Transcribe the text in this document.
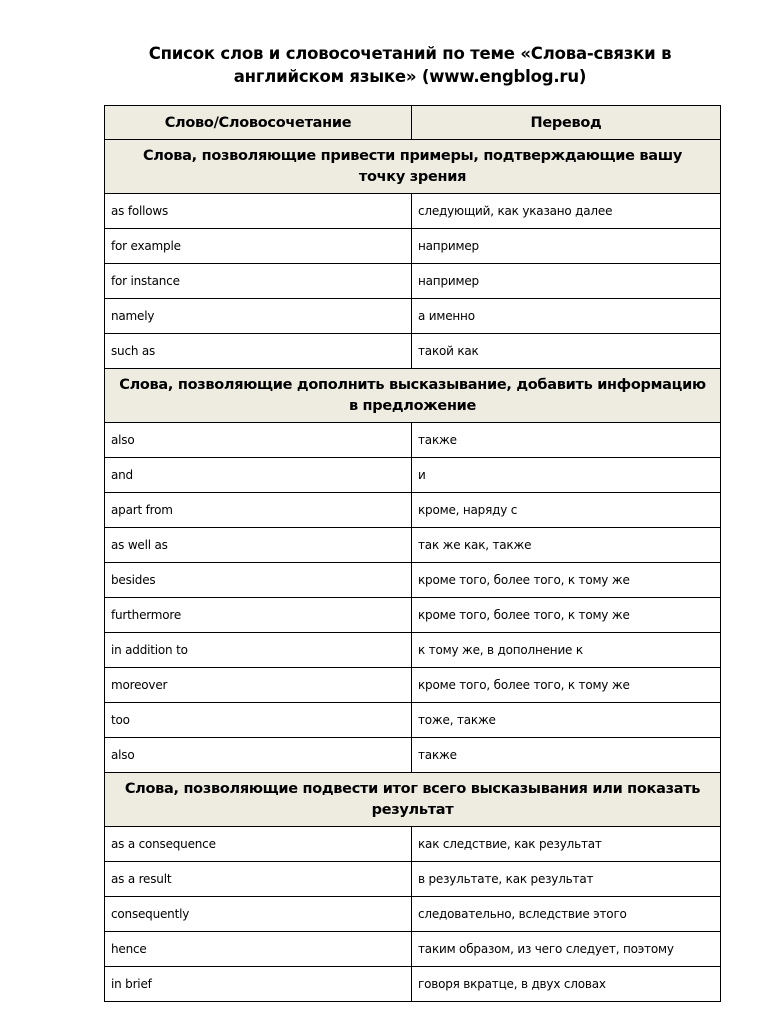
Список слов и словосочетаний по теме «Слова-связки в английском языке» (www.engblog.ru)
Слово/Словосочетание	Перевод
Слова, позволяющие привести примеры, подтверждающие вашу точку зрения	
as follows	следующий, как указано далее
for example	например
for instance	например
namely	а именно
such as	такой как
Слова, позволяющие дополнить высказывание, добавить информацию в предложение	
also	также
and	и
apart from	кроме, наряду с
as well as	так же как, также
besides	кроме того, более того, к тому же
furthermore	кроме того, более того, к тому же
in addition to	к тому же, в дополнение к
moreover	кроме того, более того, к тому же
too	тоже, также
also	также
Слова, позволяющие подвести итог всего высказывания или показать результат	
as a consequence	как следствие, как результат
as a result	в результате, как результат
consequently	следовательно, вследствие этого
hence	таким образом, из чего следует, поэтому
in brief	говоря вкратце, в двух словах
